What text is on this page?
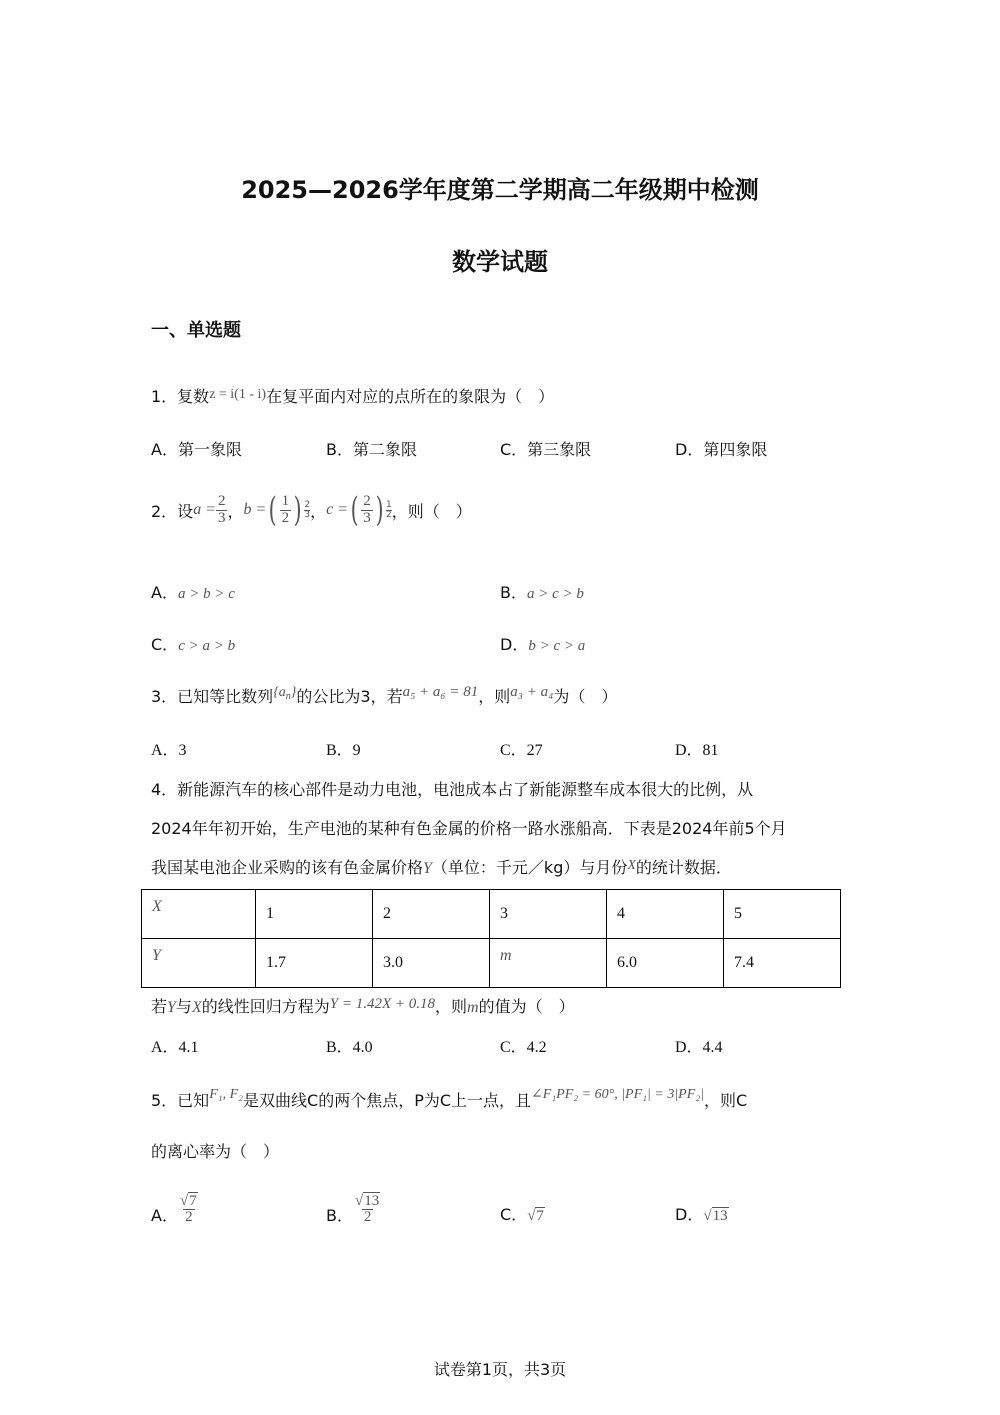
2025—2026学年度第二学期高二年级期中检测
数学试题
一、单选题
1．复数z = i(1 - i)在复平面内对应的点所在的象限为（　）
A．第一象限	B．第二象限	C．第三象限	D．第四象限
2．设 $a = \frac{2}{3}$ ， b = ( $\frac{1}{2}$ ) $\frac{2}{3}$ ， c = ( $\frac{2}{3}$ ) $\frac{1}{2}$ ，则（　）
A．a > b > c	B．a > c > b
C．c > a > b	D．b > c > a
3．已知等比数列$\{a_n\}$的公比为3，若a₅ + a₆ = 81，则a₃ + a₄为（　）
A．3	B．9	C．27	D．81
4．新能源汽车的核心部件是动力电池，电池成本占了新能源整车成本很大的比例，从
2024年年初开始，生产电池的某种有色金属的价格一路水涨船高．下表是2024年前5个月
我国某电池企业采购的该有色金属价格Y（单位：千元／kg）与月份X的统计数据．
X	1	2	3	4	5
Y	1.7	3.0	m	6.0	7.4
若Y与X的线性回归方程为Y = 1.42X + 0.18，则m的值为（　）
A．4.1	B．4.0	C．4.2	D．4.4
5．已知F₁, F₂是双曲线C的两个焦点，P为C上一点，且∠F₁PF₂ = 60°, |PF₁| = 3|PF₂|，则C
的离心率为（　）
A． $\frac{√7}{2}$	B． $\frac{√13}{2}$	C．√7	D．√13
试卷第1页，共3页
